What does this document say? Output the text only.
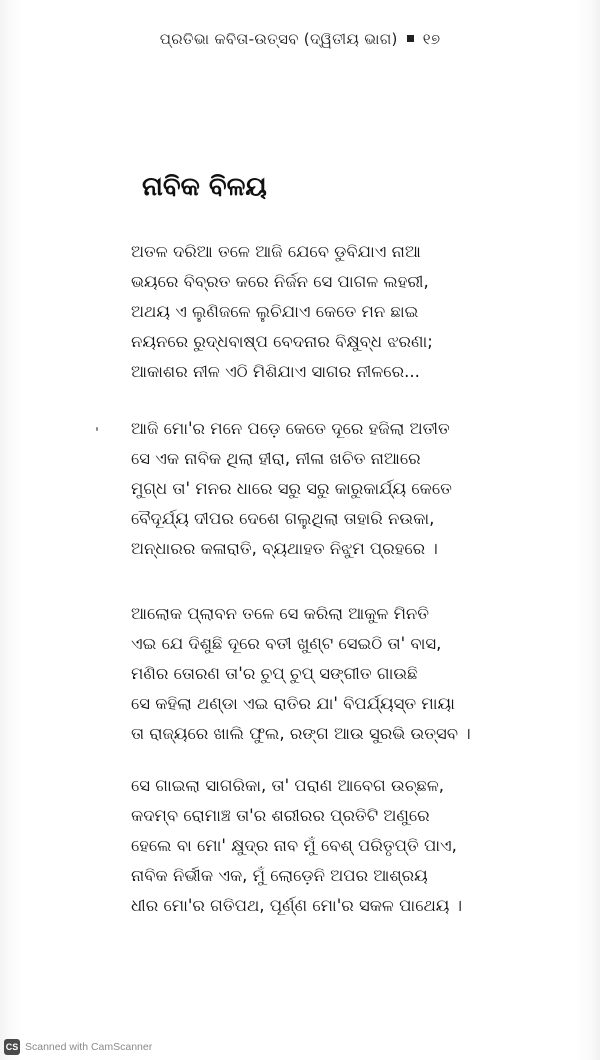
ପ୍ରତିଭା କବିତା-ଉତ୍ସବ (ଦ୍ୱିତୀୟ ଭାଗ) ୧୭
ନାବିକ ବିଳୟ
ଅତଳ ଦରିଆ ତଳେ ଆଜି ଯେବେ ଡୁବିଯାଏ ନାଆ
ଭୟରେ ବିବ୍ରତ କରେ ନିର୍ଜନ ସେ ପାଗଳ ଲହରୀ,
ଅଥୟ ଏ ଲୁଣିଜଳେ ଲୁଚିଯାଏ କେତେ ମନ ଛାଇ
ନୟନରେ ରୁଦ୍ଧବାଷ୍ପ ବେଦନାର ବିକ୍ଷୁବ୍ଧ ଝରଣା;
ଆକାଶର ନୀଳ ଏଠି ମିଶିଯାଏ ସାଗର ନୀଳରେ...
ଆଜି ମୋ'ର ମନେ ପଡ଼େ କେତେ ଦୂରେ ହଜିଲା ଅତୀତ
ସେ ଏକ ନାବିକ ଥିଲା ହୀରା, ନୀଳା ଖଚିତ ନାଆରେ
ମୁଗ୍ଧ ତା' ମନର ଧାରେ ସରୁ ସରୁ କାରୁକାର୍ଯ୍ୟ କେତେ
ବୈଦୂର୍ଯ୍ୟ ଦୀପର ଦେଶେ ଗଲୁଥିଲା ତାହାରି ନଉକା,
ଅନ୍ଧାରର କଳାରାତି, ବ୍ୟଥାହତ ନିଝୁମ ପ୍ରହରେ ।
ଆଲୋକ ପ୍ଲାବନ ତଳେ ସେ କରିଲା ଆକୁଳ ମିନତି
ଏଇ ଯେ ଦିଶୁଛି ଦୂରେ ବତୀ ଖୁଣ୍ଟ ସେଇଠି ତା' ବାସ,
ମଣିର ତୋରଣ ତା'ର ଚୁପ୍ ଚୁପ୍ ସଙ୍ଗୀତ ଗାଉଛି
ସେ କହିଲା ଥଣ୍ଡା ଏଇ ରାତିର ଯା' ବିପର୍ଯ୍ୟସ୍ତ ମାୟା
ତା ରାଜ୍ୟରେ ଖାଲି ଫୁଲ, ରଙ୍ଗ ଆଉ ସୁରଭି ଉତ୍ସବ ।
ସେ ଗାଇଲା ସାଗରିକା, ତା' ପରାଣ ଆବେଗ ଉଚ୍ଛଳ,
କଦମ୍ବ ରୋମାଞ୍ଚ ତା'ର ଶରୀରର ପ୍ରତିଟି ଅଣୁରେ
ହେଲେ ବା ମୋ' କ୍ଷୁଦ୍ର ନାବ ମୁଁ ବେଶ୍ ପରିତୃପ୍ତି ପାଏ,
ନାବିକ ନିର୍ଭୀକ ଏକ, ମୁଁ ଲୋଡ଼େନି ଅପର ଆଶ୍ରୟ
ଧୀର ମୋ'ର ଗତିପଥ, ପୂର୍ଣ୍ଣ ମୋ'ର ସକଳ ପାଥେୟ ।
CS Scanned with CamScanner
